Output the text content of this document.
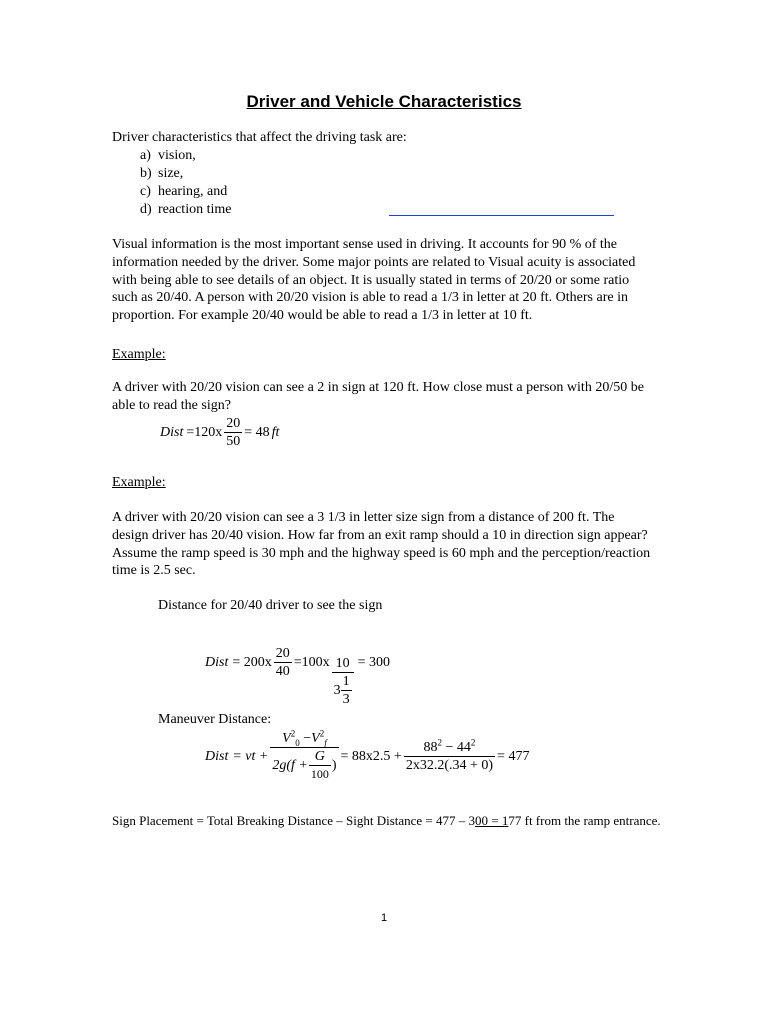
Driver and Vehicle Characteristics
Driver characteristics that affect the driving task are:
a) vision,
b) size,
c) hearing, and
d) reaction time
Visual information is the most important sense used in driving. It accounts for 90 % of the information needed by the driver. Some major points are related to Visual acuity is associated with being able to see details of an object. It is usually stated in terms of 20/20 or some ratio such as 20/40. A person with 20/20 vision is able to read a 1/3 in letter at 20 ft. Others are in proportion. For example 20/40 would be able to read a 1/3 in letter at 10 ft.
Example:
A driver with 20/20 vision can see a 2 in sign at 120 ft. How close must a person with 20/50 be able to read the sign?
Dist $=120x \frac{20}{50} = 48$ ft
Example:
A driver with 20/20 vision can see a 3 1/3 in letter size sign from a distance of 200 ft. The design driver has 20/40 vision. How far from an exit ramp should a 10 in direction sign appear? Assume the ramp speed is 30 mph and the highway speed is 60 mph and the perception/reaction time is 2.5 sec.
Distance for 20/40 driver to see the sign
Dist = $200x \frac{20}{40} =100x \frac{10}{3 \frac{1}{3}} = 300$
Maneuver Distance:
Dist = vt + $\frac{V^2_0 -V^2_f}{2g(f + \frac{G}{100} )} = 88x2.5 + \frac{88^2 - 44^2}{2x32.2(.34 + 0)} = 477$
Sign Placement = Total Breaking Distance – Sight Distance = 477 – 300 = 177 ft from the ramp entrance.
1
